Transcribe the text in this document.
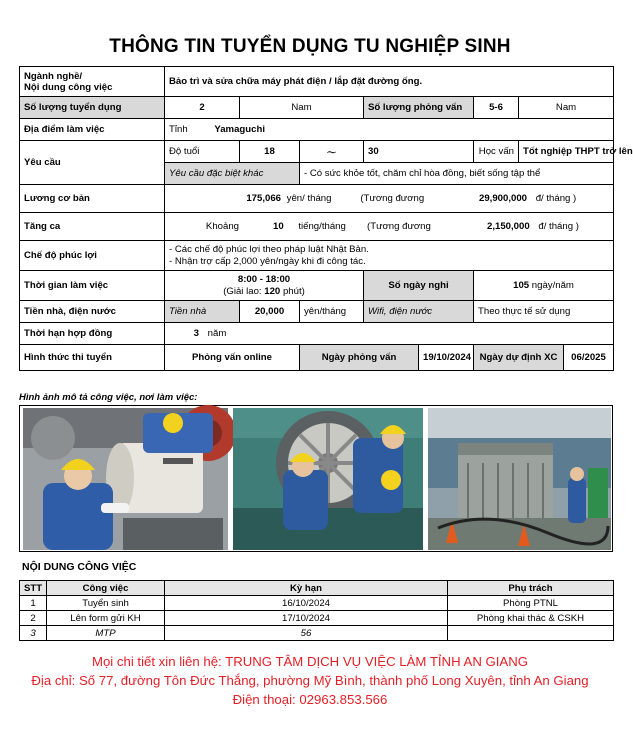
THÔNG TIN TUYỂN DỤNG TU NGHIỆP SINH
Ngành nghề/
Nội dung công việc	Bảo trì và sửa chữa máy phát điện / lắp đặt đường ống.							
Số lượng tuyển dụng	2	Nam		Số lượng phỏng vấn		5-6	Nam	
Địa điểm làm việc	Tỉnh Yamaguchi							
Yêu cầu	Độ tuổi	18	～	30		Học vấn	Tốt nghiệp THPT trở lên	
	Yêu cầu đặc biệt khác		- Có sức khỏe tốt, chăm chỉ hòa đồng, biết sống tập thể					
Lương cơ bản	175,066 yên/ tháng (Tương đương 29,900,000 đ/ tháng )							
Tăng ca	Khoảng 10 tiếng/tháng (Tương đương 2,150,000 đ/ tháng )							
Chế độ phúc lợi	- Các chế độ phúc lợi theo pháp luật Nhật Bản.
- Nhận trợ cấp 2,000 yên/ngày khi đi công tác.							

Thời gian làm việc	8:00 - 18:00
(Giải lao: 120 phút)			Số ngày nghỉ		105 ngày/năm		
Tiền nhà, điện nước	Tiền nhà	20,000	yên/tháng	Wifi, điện nước		Theo thực tế sử dụng		
Thời hạn hợp đồng	3 năm							
Hình thức thi tuyển	Phỏng vấn online		Ngày phỏng vấn		19/10/2024	Ngày dự định XC		06/2025
Hình ảnh mô tả công việc, nơi làm việc:
NỘI DUNG CÔNG VIỆC
STT	Công việc	Kỳ hạn	Phụ trách
1	Tuyển sinh	16/10/2024	Phòng PTNL
2	Lên form gửi KH	17/10/2024	Phòng khai thác & CSKH
3	MTP	56	
Mọi chi tiết xin liên hệ: TRUNG TÂM DỊCH VỤ VIỆC LÀM TỈNH AN GIANG
Địa chỉ: Số 77, đường Tôn Đức Thắng, phường Mỹ Bình, thành phố Long Xuyên, tỉnh An Giang
Điện thoại: 02963.853.566
